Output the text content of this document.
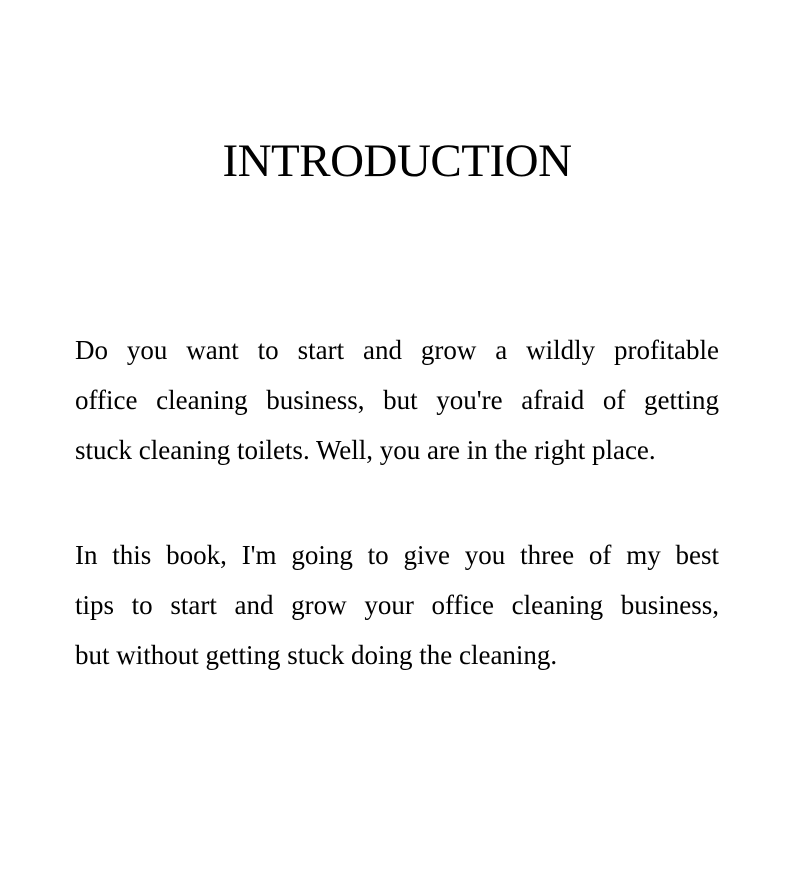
INTRODUCTION

Do you want to start and grow a wildly profitable
office cleaning business, but you're afraid of getting
stuck cleaning toilets. Well, you are in the right place.

In this book, I'm going to give you three of my best
tips to start and grow your office cleaning business,
but without getting stuck doing the cleaning.
